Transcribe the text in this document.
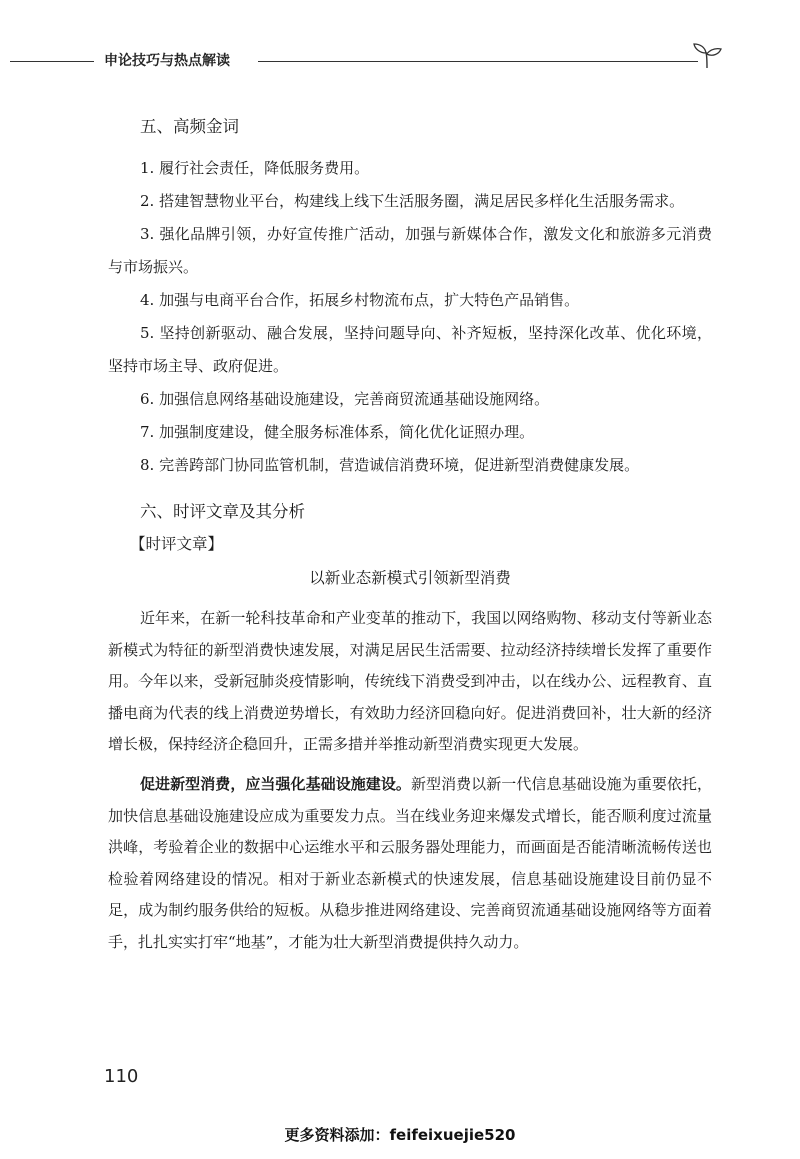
申论技巧与热点解读
五、高频金词

1. 履行社会责任，降低服务费用。

2. 搭建智慧物业平台，构建线上线下生活服务圈，满足居民多样化生活服务需求。

3. 强化品牌引领，办好宣传推广活动，加强与新媒体合作，激发文化和旅游多元消费与市场振兴。

4. 加强与电商平台合作，拓展乡村物流布点，扩大特色产品销售。

5. 坚持创新驱动、融合发展，坚持问题导向、补齐短板，坚持深化改革、优化环境，坚持市场主导、政府促进。

6. 加强信息网络基础设施建设，完善商贸流通基础设施网络。

7. 加强制度建设，健全服务标准体系，简化优化证照办理。

8. 完善跨部门协同监管机制，营造诚信消费环境，促进新型消费健康发展。

六、时评文章及其分析
【时评文章】
以新业态新模式引领新型消费

近年来，在新一轮科技革命和产业变革的推动下，我国以网络购物、移动支付等新业态新模式为特征的新型消费快速发展，对满足居民生活需要、拉动经济持续增长发挥了重要作用。今年以来，受新冠肺炎疫情影响，传统线下消费受到冲击，以在线办公、远程教育、直播电商为代表的线上消费逆势增长，有效助力经济回稳向好。促进消费回补，壮大新的经济增长极，保持经济企稳回升，正需多措并举推动新型消费实现更大发展。

促进新型消费，应当强化基础设施建设。新型消费以新一代信息基础设施为重要依托，加快信息基础设施建设应成为重要发力点。当在线业务迎来爆发式增长，能否顺利度过流量洪峰，考验着企业的数据中心运维水平和云服务器处理能力，而画面是否能清晰流畅传送也检验着网络建设的情况。相对于新业态新模式的快速发展，信息基础设施建设目前仍显不足，成为制约服务供给的短板。从稳步推进网络建设、完善商贸流通基础设施网络等方面着手，扎扎实实打牢“地基”，才能为壮大新型消费提供持久动力。

110
更多资料添加：feifeixuejie520
